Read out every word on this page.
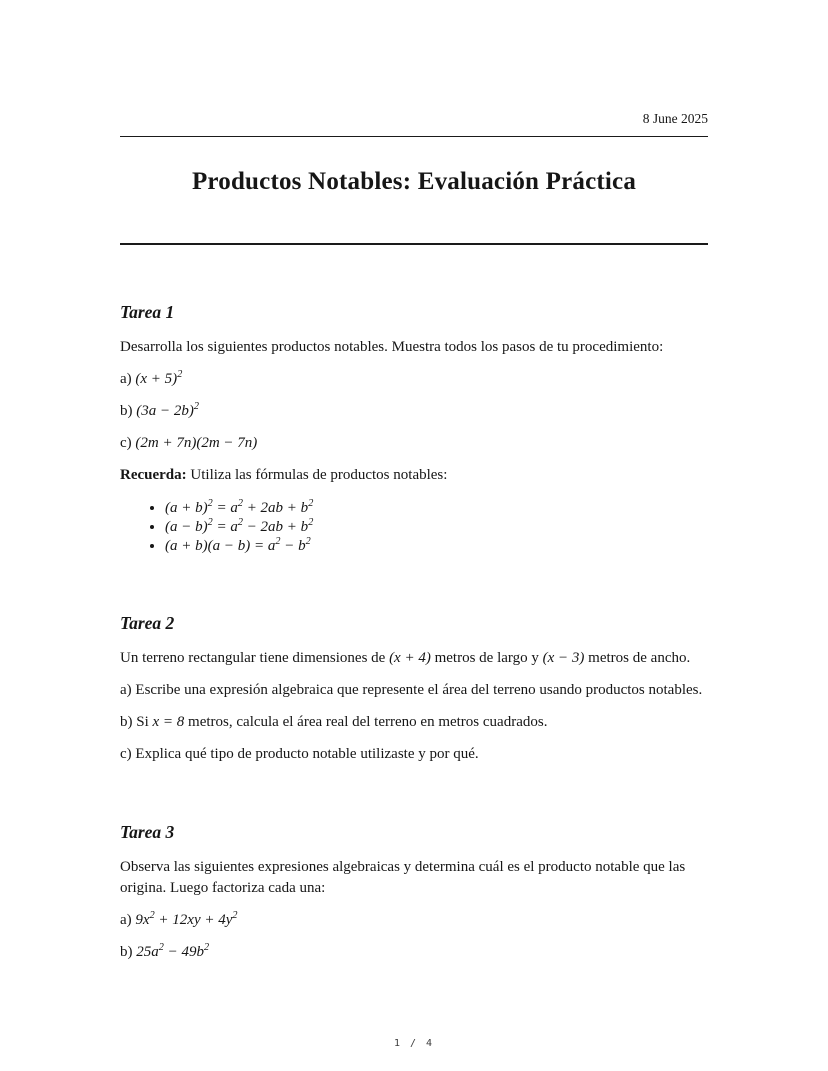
8 June 2025
Productos Notables: Evaluación Práctica
Tarea 1

Desarrolla los siguientes productos notables. Muestra todos los pasos de tu procedimiento:

a) $(x + 5)^2$

b) $(3a - 2b)^2$

c) (2m + 7n)(2m − 7n)

Recuerda: Utiliza las fórmulas de productos notables:

• $(a + b)^2 = a^2 + 2ab + b^2$
• $(a - b)^2 = a^2 - 2ab + b^2$
• $(a + b)(a - b) = a^2 - b^2$
Tarea 2

Un terreno rectangular tiene dimensiones de (x + 4) metros de largo y (x − 3) metros de ancho.

a) Escribe una expresión algebraica que represente el área del terreno usando productos notables.

b) Si x = 8 metros, calcula el área real del terreno en metros cuadrados.

c) Explica qué tipo de producto notable utilizaste y por qué.

Tarea 3

Observa las siguientes expresiones algebraicas y determina cuál es el producto notable que las origina. Luego factoriza cada una:

a) $9x^2 + 12xy + 4y^2$

b) $25a^2 - 49b^2$

1 / 4
